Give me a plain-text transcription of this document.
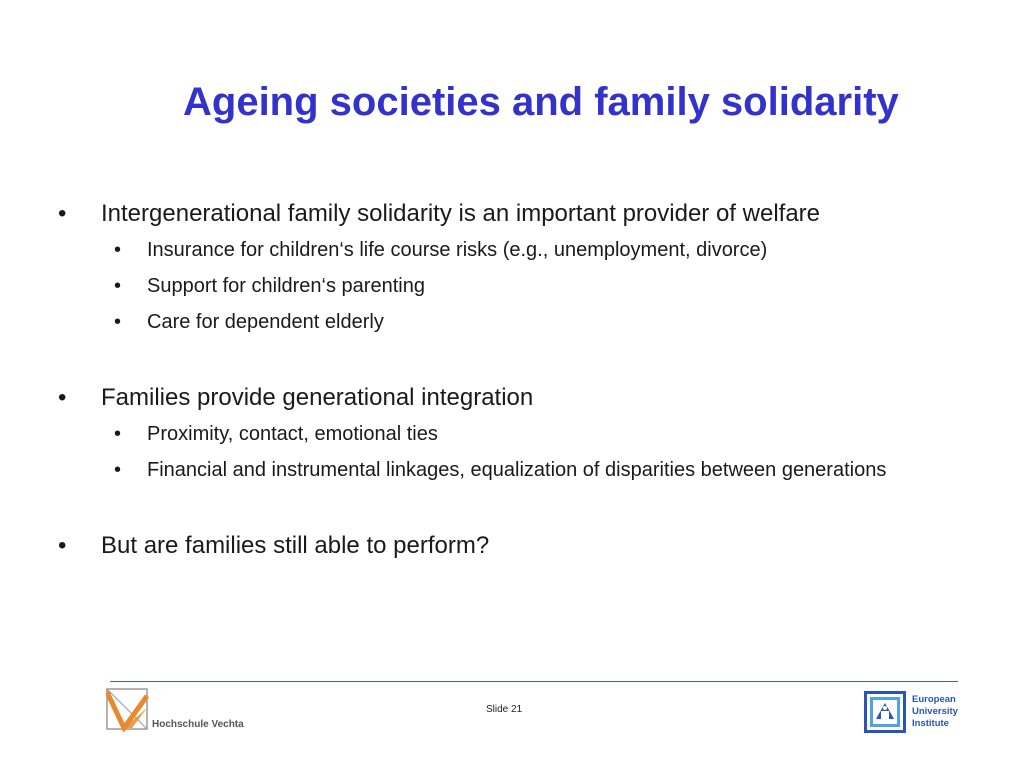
Ageing societies and family solidarity
• Intergenerational family solidarity is an important provider of welfare
• Insurance for children‘s life course risks (e.g., unemployment, divorce)
• Support for children‘s parenting
• Care for dependent elderly
• Families provide generational integration
• Proximity, contact, emotional ties
• Financial and instrumental linkages, equalization of disparities between generations
• But are families still able to perform?
Hochschule Vechta
Slide 21
European
University
Institute
